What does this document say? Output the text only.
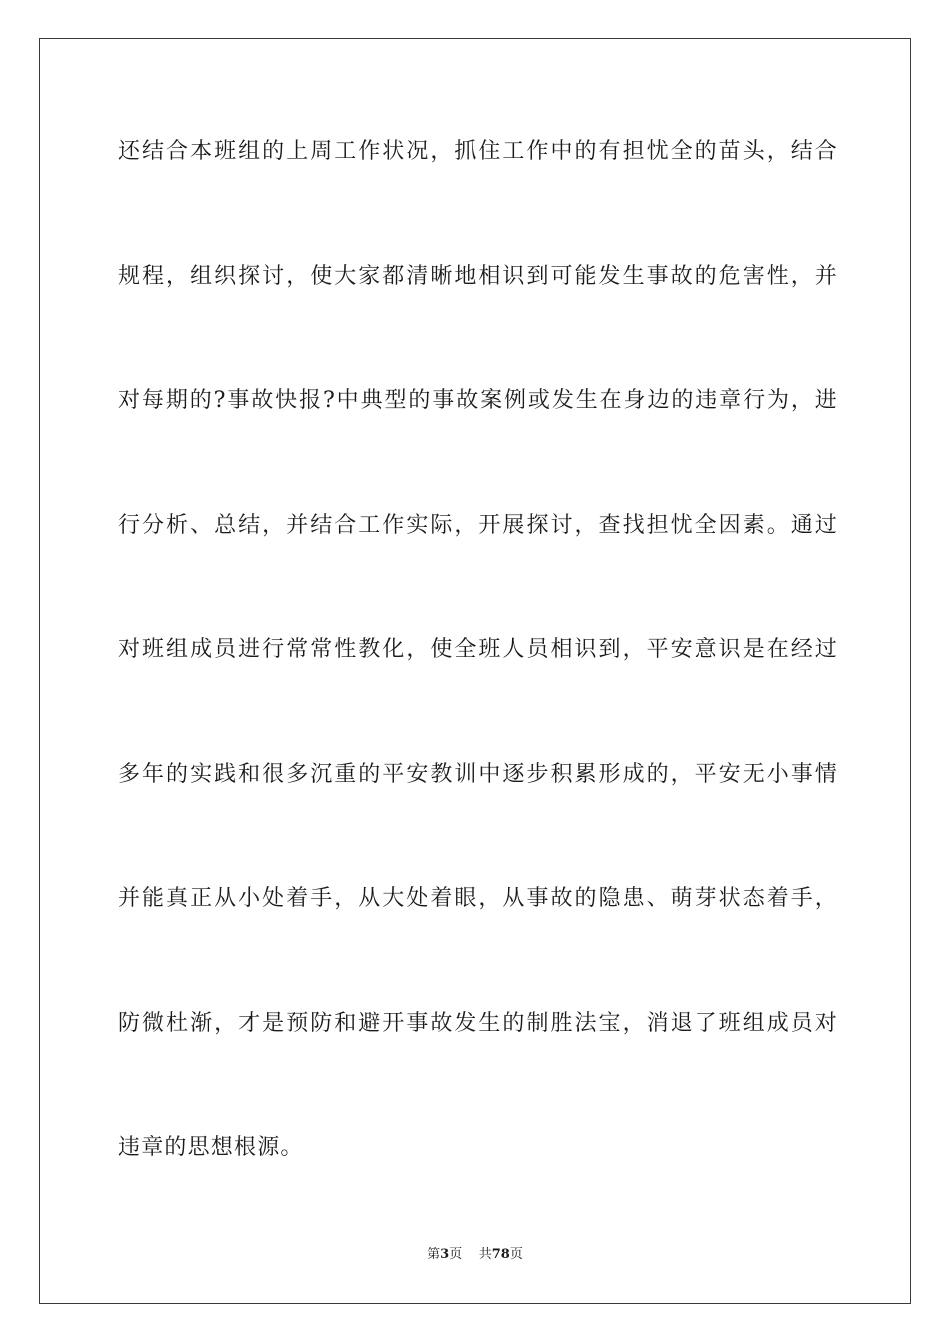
还结合本班组的上周工作状况，抓住工作中的有担忧全的苗头，结合
规程，组织探讨，使大家都清晰地相识到可能发生事故的危害性，并
对每期的?事故快报?中典型的事故案例或发生在身边的违章行为，进
行分析、总结，并结合工作实际，开展探讨，查找担忧全因素。通过
对班组成员进行常常性教化，使全班人员相识到，平安意识是在经过
多年的实践和很多沉重的平安教训中逐步积累形成的，平安无小事情
并能真正从小处着手，从大处着眼，从事故的隐患、萌芽状态着手，
防微杜渐，才是预防和避开事故发生的制胜法宝，消退了班组成员对
违章的思想根源。
第3页 共78页
